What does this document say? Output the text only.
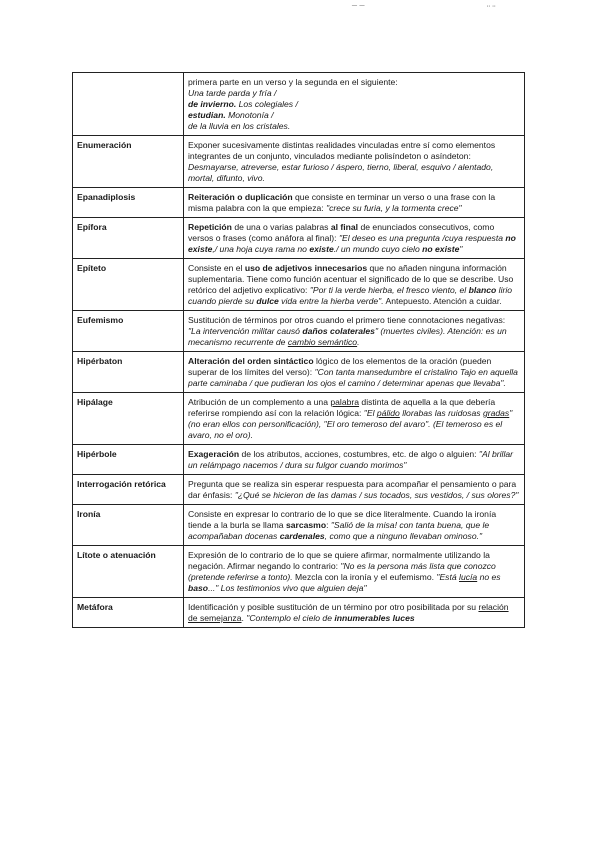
¯ ¯	¨ ¨
	primera parte en un verso y la segunda en el siguiente:
Una tarde parda y fría /
de invierno. Los colegiales /
estudian. Monotonía /
de la lluvia en los cristales.
Enumeración	Exponer sucesivamente distintas realidades vinculadas entre sí como elementos integrantes de un conjunto, vinculados mediante polisíndeton o asíndeton: Desmayarse, atreverse, estar furioso / áspero, tierno, liberal, esquivo / alentado, mortal, difunto, vivo.
Epanadiplosis	Reiteración o duplicación que consiste en terminar un verso o una frase con la misma palabra con la que empieza: "crece su furia, y la tormenta crece"
Epífora	Repetición de una o varias palabras al final de enunciados consecutivos, como versos o frases (como anáfora al final): "El deseo es una pregunta /cuya respuesta no existe,/ una hoja cuya rama no existe./ un mundo cuyo cielo no existe"
Epíteto	Consiste en el uso de adjetivos innecesarios que no añaden ninguna información suplementaria. Tiene como función acentuar el significado de lo que se describe. Uso retórico del adjetivo explicativo: "Por ti la verde hierba, el fresco viento, el blanco lirio cuando pierde su dulce vida entre la hierba verde". Antepuesto. Atención a cuidar.
Eufemismo	Sustitución de términos por otros cuando el primero tiene connotaciones negativas: "La intervención militar causó daños colaterales" (muertes civiles). Atención: es un mecanismo recurrente de cambio semántico.
Hipérbaton	Alteración del orden sintáctico lógico de los elementos de la oración (pueden superar de los límites del verso): "Con tanta mansedumbre el cristalino Tajo en aquella parte caminaba / que pudieran los ojos el camino / determinar apenas que llevaba".
Hipálage	Atribución de un complemento a una palabra distinta de aquella a la que debería referirse rompiendo así con la relación lógica: "El pálido llorabas las ruidosas gradas" (no eran ellos con personificación), "El oro temeroso del avaro". (El temeroso es el avaro, no el oro).
Hipérbole	Exageración de los atributos, acciones, costumbres, etc. de algo o alguien: "Al brillar un relámpago nacemos / dura su fulgor cuando morimos"
Interrogación retórica	Pregunta que se realiza sin esperar respuesta para acompañar el pensamiento o para dar énfasis: "¿Qué se hicieron de las damas / sus tocados, sus vestidos, / sus olores?"
Ironía	Consiste en expresar lo contrario de lo que se dice literalmente. Cuando la ironía tiende a la burla se llama sarcasmo: "Salió de la misa! con tanta buena, que le acompañaban docenas cardenales, como que a ninguno llevaban ominoso."
Lítote o atenuación	Expresión de lo contrario de lo que se quiere afirmar, normalmente utilizando la negación. Afirmar negando lo contrario: "No es la persona más lista que conozco (pretende referirse a tonto). Mezcla con la ironía y el eufemismo. "Está lucía no es baso..." Los testimonios vivo que alguien deja"
Metáfora	Identificación y posible sustitución de un término por otro posibilitada por su relación de semejanza. "Contemplo el cielo de innumerables luces
